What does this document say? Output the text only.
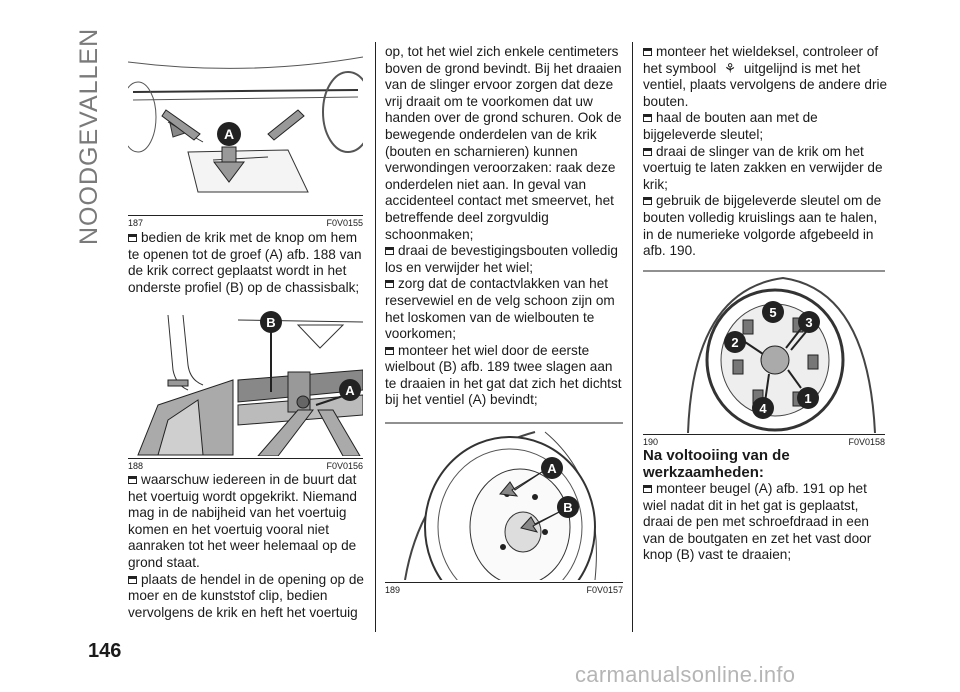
NOODGEVALLEN
146
A
187	F0V0155

bedien de krik met de knop om hem te openen tot de groef (A) afb. 188 van de krik correct geplaatst wordt in het onderste profiel (B) op de chassisbalk;

B
A
188	F0V0156

waarschuw iedereen in de buurt dat het voertuig wordt opgekrikt. Niemand mag in de nabijheid van het voertuig komen en het voertuig vooral niet aanraken tot het weer helemaal op de grond staat.

plaats de hendel in de opening op de moer en de kunststof clip, bedien vervolgens de krik en heft het voertuig

op, tot het wiel zich enkele centimeters boven de grond bevindt. Bij het draaien van de slinger ervoor zorgen dat deze vrij draait om te voorkomen dat uw handen over de grond schuren. Ook de bewegende onderdelen van de krik (bouten en scharnieren) kunnen verwondingen veroorzaken: raak deze onderdelen niet aan. In geval van accidenteel contact met smeervet, het betreffende deel zorgvuldig schoonmaken;

draai de bevestigingsbouten volledig los en verwijder het wiel;

zorg dat de contactvlakken van het reservewiel en de velg schoon zijn om het loskomen van de wielbouten te voorkomen;

monteer het wiel door de eerste wielbout (B) afb. 189 twee slagen aan te draaien in het gat dat zich het dichtst bij het ventiel (A) bevindt;

A
B
189	F0V0157

monteer het wieldeksel, controleer of het symbool ⚘ uitgelijnd is met het ventiel, plaats vervolgens de andere drie bouten.

haal de bouten aan met de bijgeleverde sleutel;

draai de slinger van de krik om het voertuig te laten zakken en verwijder de krik;

gebruik de bijgeleverde sleutel om de bouten volledig kruislings aan te halen, in de numerieke volgorde afgebeeld in afb. 190.

1
2
3
4
5
190	F0V0158

Na voltooiing van de werkzaamheden:

monteer beugel (A) afb. 191 op het wiel nadat dit in het gat is geplaatst, draai de pen met schroefdraad in een van de boutgaten en zet het vast door knop (B) vast te draaien;

carmanualsonline.info
